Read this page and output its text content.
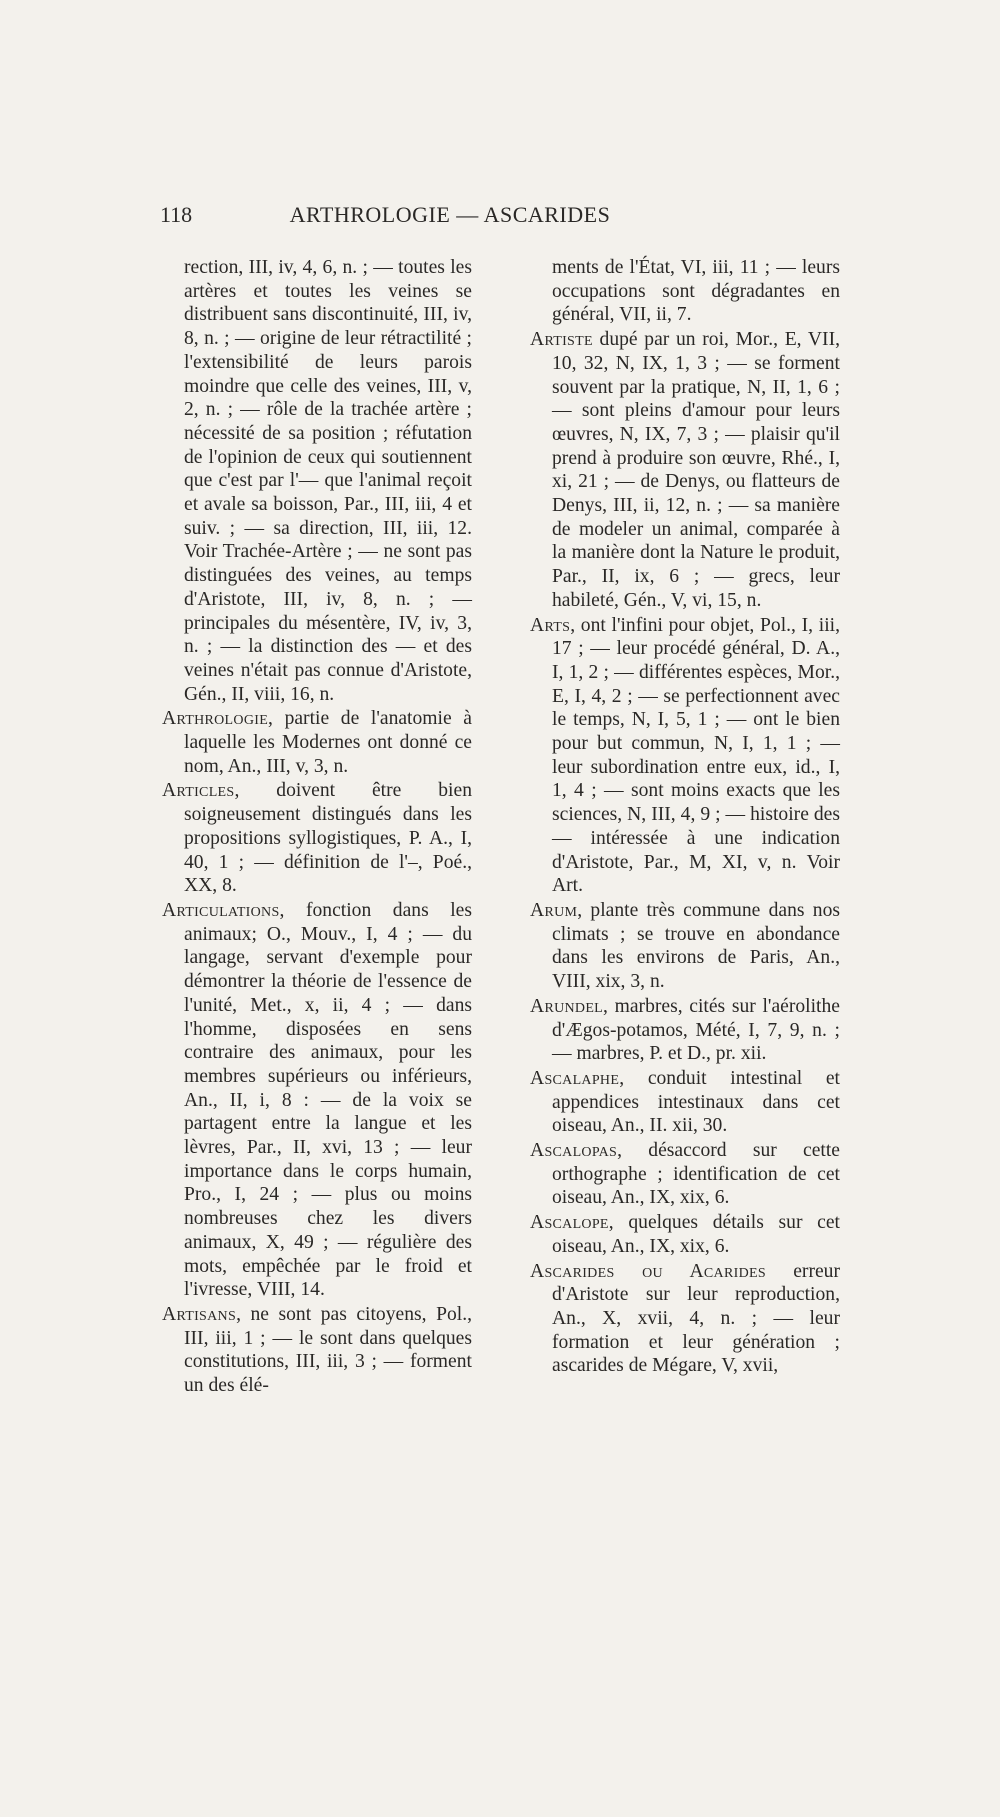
118	ARTHROLOGIE — ASCARIDES

rection, III, iv, 4, 6, n. ; — toutes les artères et toutes les veines se distribuent sans discontinuité, III, iv, 8, n. ; — origine de leur rétractilité ; l'extensibilité de leurs parois moindre que celle des veines, III, v, 2, n. ; — rôle de la trachée artère ; nécessité de sa position ; réfutation de l'opinion de ceux qui soutiennent que c'est par l'— que l'animal reçoit et avale sa boisson, Par., III, iii, 4 et suiv. ; — sa direction, III, iii, 12. Voir Trachée-Artère ; — ne sont pas distinguées des veines, au temps d'Aristote, III, iv, 8, n. ; — principales du mésentère, IV, iv, 3, n. ; — la distinction des — et des veines n'était pas connue d'Aristote, Gén., II, viii, 16, n.

Arthrologie, partie de l'anatomie à laquelle les Modernes ont donné ce nom, An., III, v, 3, n.

Articles, doivent être bien soigneusement distingués dans les propositions syllogistiques, P. A., I, 40, 1 ; — définition de l'–, Poé., XX, 8.

Articulations, fonction dans les animaux; O., Mouv., I, 4 ; — du langage, servant d'exemple pour démontrer la théorie de l'essence de l'unité, Met., x, ii, 4 ; — dans l'homme, disposées en sens contraire des animaux, pour les membres supérieurs ou inférieurs, An., II, i, 8 : — de la voix se partagent entre la langue et les lèvres, Par., II, xvi, 13 ; — leur importance dans le corps humain, Pro., I, 24 ; — plus ou moins nombreuses chez les divers animaux, X, 49 ; — régulière des mots, empêchée par le froid et l'ivresse, VIII, 14.

Artisans, ne sont pas citoyens, Pol., III, iii, 1 ; — le sont dans quelques constitutions, III, iii, 3 ; — forment un des élé-

ments de l'État, VI, iii, 11 ; — leurs occupations sont dégradantes en général, VII, ii, 7.

Artiste dupé par un roi, Mor., E, VII, 10, 32, N, IX, 1, 3 ; — se forment souvent par la pratique, N, II, 1, 6 ; — sont pleins d'amour pour leurs œuvres, N, IX, 7, 3 ; — plaisir qu'il prend à produire son œuvre, Rhé., I, xi, 21 ; — de Denys, ou flatteurs de Denys, III, ii, 12, n. ; — sa manière de modeler un animal, comparée à la manière dont la Nature le produit, Par., II, ix, 6 ; — grecs, leur habileté, Gén., V, vi, 15, n.

Arts, ont l'infini pour objet, Pol., I, iii, 17 ; — leur procédé général, D. A., I, 1, 2 ; — différentes espèces, Mor., E, I, 4, 2 ; — se perfectionnent avec le temps, N, I, 5, 1 ; — ont le bien pour but commun, N, I, 1, 1 ; — leur subordination entre eux, id., I, 1, 4 ; — sont moins exacts que les sciences, N, III, 4, 9 ; — histoire des — intéressée à une indication d'Aristote, Par., M, XI, v, n. Voir Art.

Arum, plante très commune dans nos climats ; se trouve en abondance dans les environs de Paris, An., VIII, xix, 3, n.

Arundel, marbres, cités sur l'aérolithe d'Ægos-potamos, Mété, I, 7, 9, n. ; — marbres, P. et D., pr. xii.

Ascalaphe, conduit intestinal et appendices intestinaux dans cet oiseau, An., II. xii, 30.

Ascalopas, désaccord sur cette orthographe ; identification de cet oiseau, An., IX, xix, 6.

Ascalope, quelques détails sur cet oiseau, An., IX, xix, 6.

Ascarides ou Acarides erreur d'Aristote sur leur reproduction, An., X, xvii, 4, n. ; — leur formation et leur génération ; ascarides de Mégare, V, xvii,
